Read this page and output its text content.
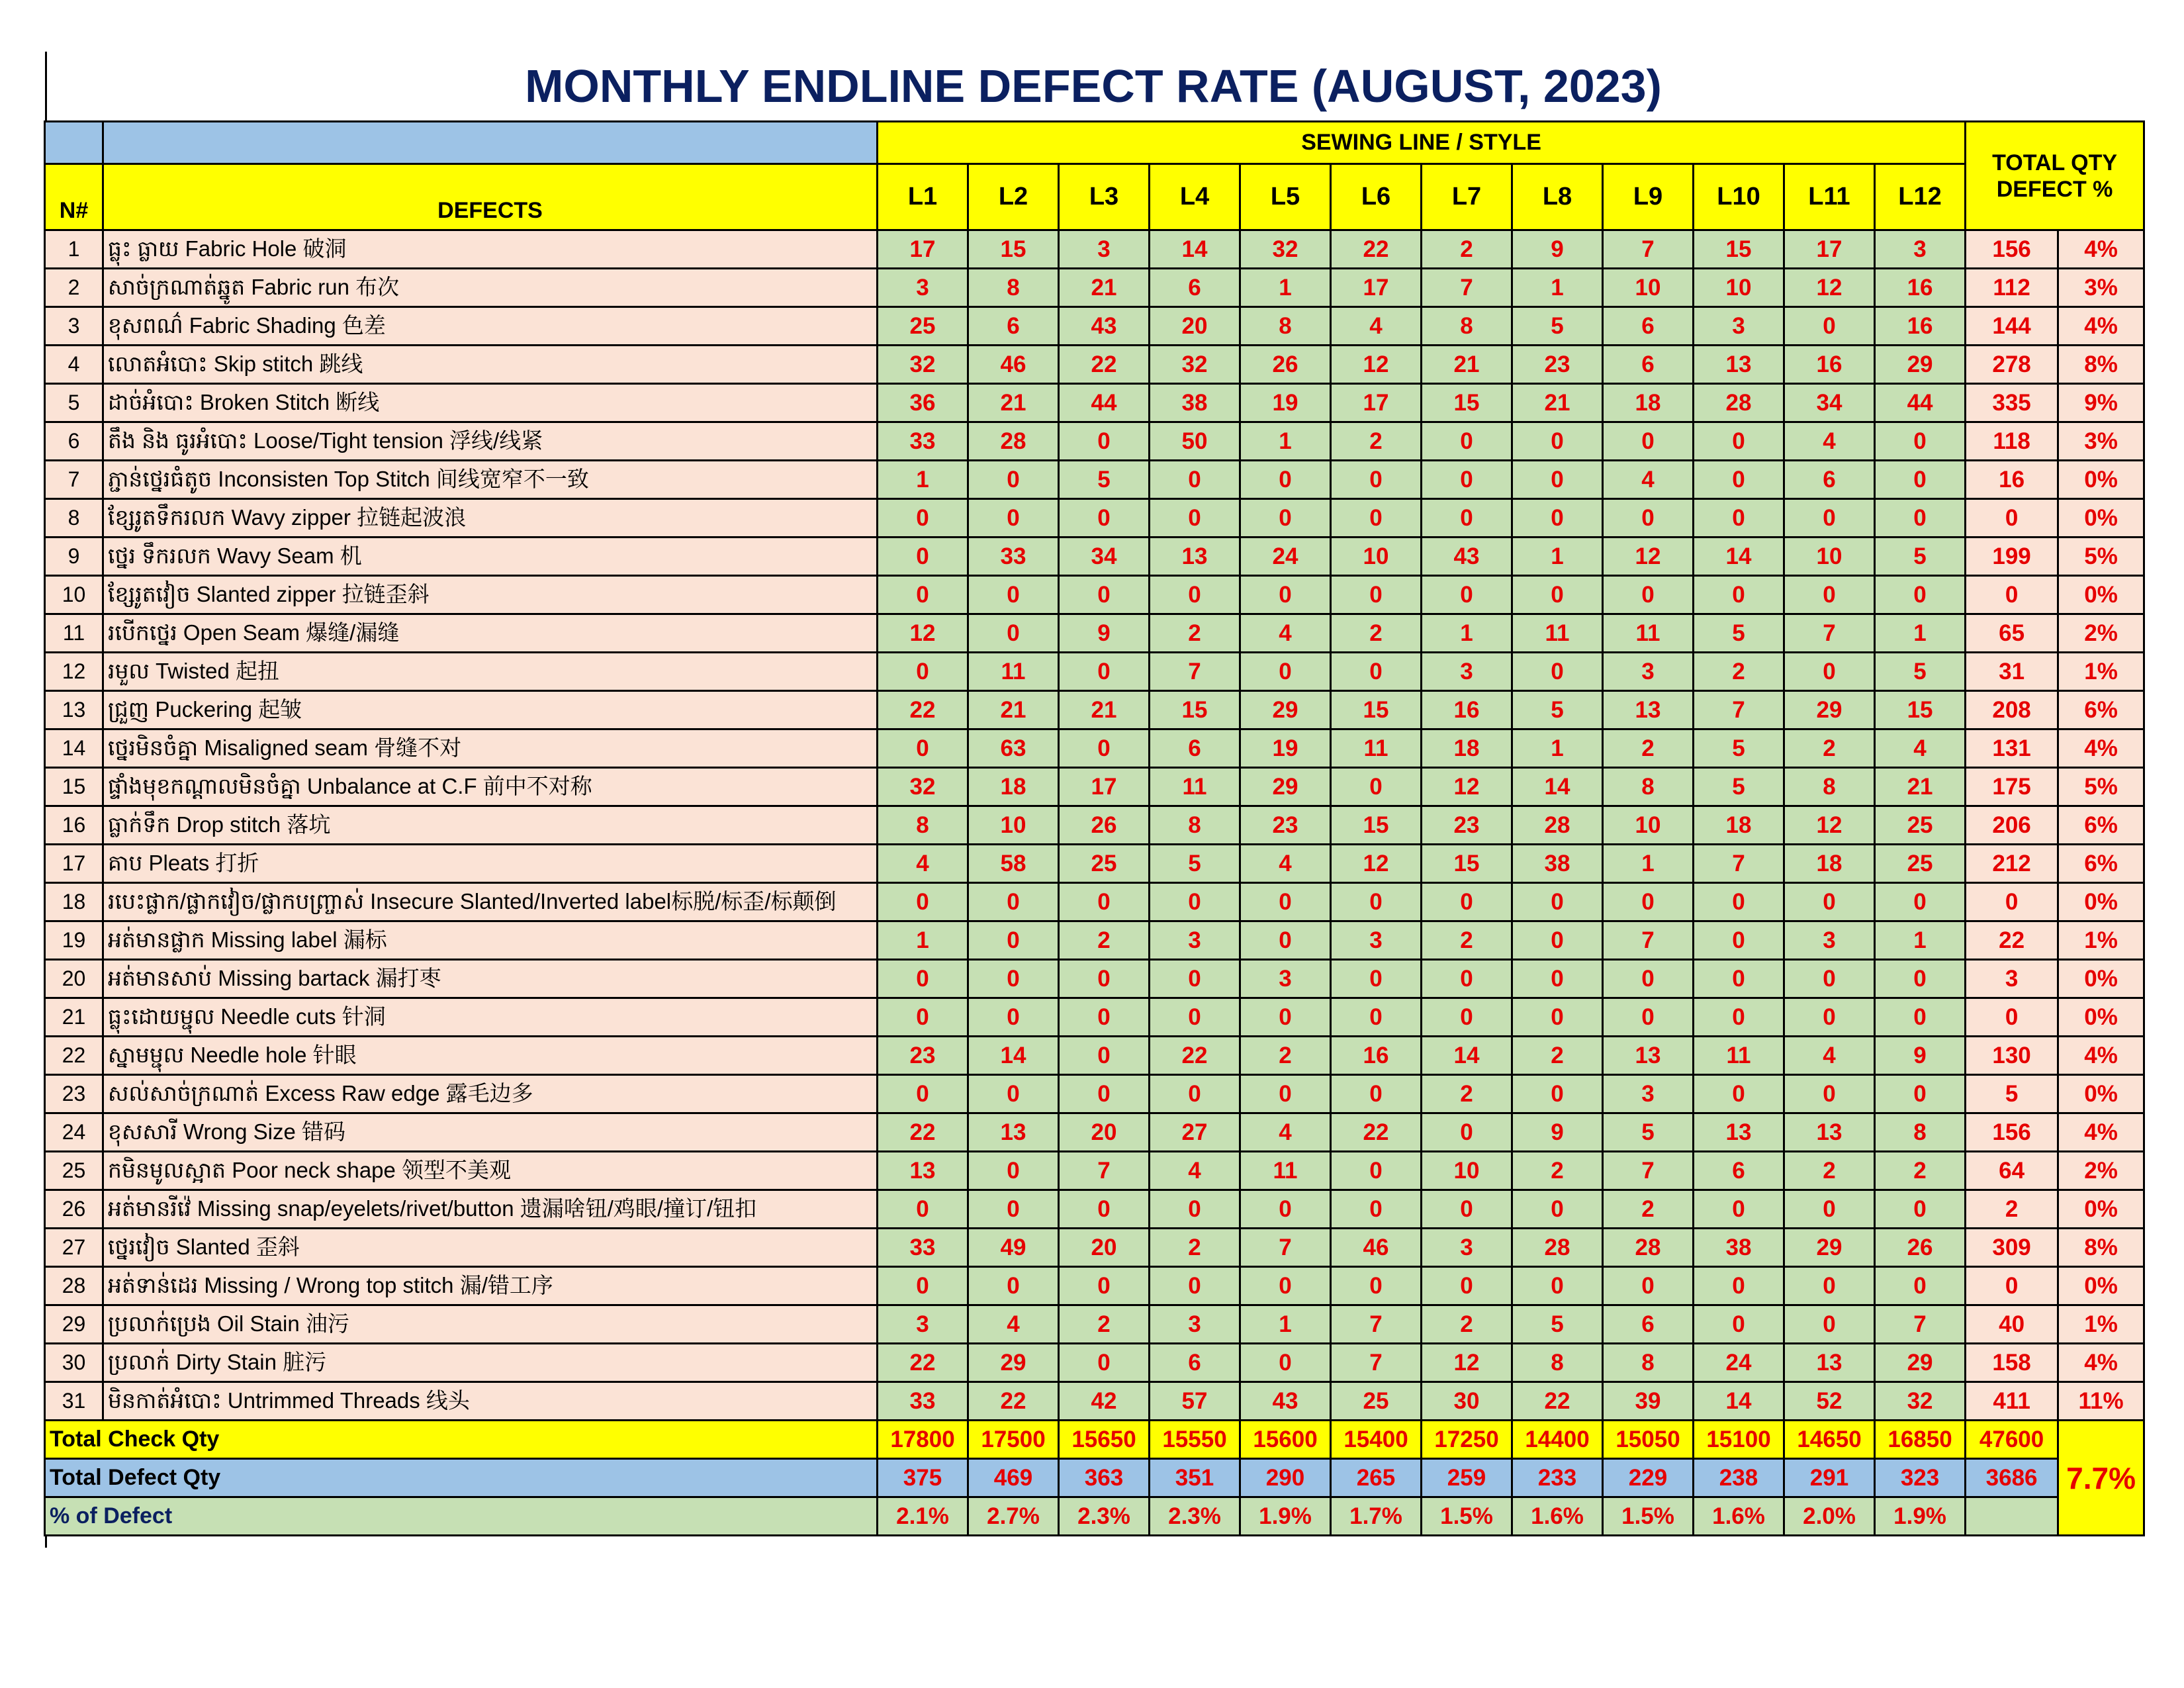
MONTHLY ENDLINE DEFECT RATE (AUGUST, 2023)
		SEWING LINE / STYLE												TOTAL QTY DEFECT %	
N#	DEFECTS	L1	L2	L3	L4	L5	L6	L7	L8	L9	L10	L11	L12		
1	ធ្លុះ ធ្លាយ Fabric Hole 破洞	17	15	3	14	32	22	2	9	7	15	17	3	156	4%
2	សាច់ក្រណាត់ឆ្នូត Fabric run 布次	3	8	21	6	1	17	7	1	10	10	12	16	112	3%
3	ខុសពណ៌ Fabric Shading 色差	25	6	43	20	8	4	8	5	6	3	0	16	144	4%
4	លោតអំបោះ Skip stitch 跳线	32	46	22	32	26	12	21	23	6	13	16	29	278	8%
5	ដាច់អំបោះ Broken Stitch 断线	36	21	44	38	19	17	15	21	18	28	34	44	335	9%
6	តឹង និង ធូរអំបោះ Loose/Tight tension 浮线/线紧	33	28	0	50	1	2	0	0	0	0	4	0	118	3%
7	ភ្ជាន់ថ្នេរធំតូច Inconsisten Top Stitch 间线宽窄不一致	1	0	5	0	0	0	0	0	4	0	6	0	16	0%
8	ខ្សែរូតទឹករលក Wavy zipper 拉链起波浪	0	0	0	0	0	0	0	0	0	0	0	0	0	0%
9	ថ្នេរ ទឹករលក Wavy Seam 机	0	33	34	13	24	10	43	1	12	14	10	5	199	5%
10	ខ្សែរូតវៀច Slanted zipper 拉链歪斜	0	0	0	0	0	0	0	0	0	0	0	0	0	0%
11	របើកថ្នេរ Open Seam 爆缝/漏缝	12	0	9	2	4	2	1	11	11	5	7	1	65	2%
12	រមួល Twisted 起扭	0	11	0	7	0	0	3	0	3	2	0	5	31	1%
13	ជ្រួញ Puckering 起皱	22	21	21	15	29	15	16	5	13	7	29	15	208	6%
14	ថ្នេរមិនចំគ្នា Misaligned seam 骨缝不对	0	63	0	6	19	11	18	1	2	5	2	4	131	4%
15	ផ្ទាំងមុខកណ្តាលមិនចំគ្នា Unbalance at C.F 前中不对称	32	18	17	11	29	0	12	14	8	5	8	21	175	5%
16	ធ្លាក់ទឹក Drop stitch 落坑	8	10	26	8	23	15	23	28	10	18	12	25	206	6%
17	គាប Pleats 打折	4	58	25	5	4	12	15	38	1	7	18	25	212	6%
18	របេះផ្លាក/ផ្លាកវៀច/ផ្លាកបញ្ច្រាស់ Insecure Slanted/Inverted label标脱/标歪/标颠倒	0	0	0	0	0	0	0	0	0	0	0	0	0	0%
19	អត់មានផ្លាក Missing label 漏标	1	0	2	3	0	3	2	0	7	0	3	1	22	1%
20	អត់មានសាប់ Missing bartack 漏打枣	0	0	0	0	3	0	0	0	0	0	0	0	3	0%
21	ធ្លុះដោយម្ជុល Needle cuts 针洞	0	0	0	0	0	0	0	0	0	0	0	0	0	0%
22	ស្នាមម្ជុល Needle hole 针眼	23	14	0	22	2	16	14	2	13	11	4	9	130	4%
23	សល់សាច់ក្រណាត់ Excess Raw edge 露毛边多	0	0	0	0	0	0	2	0	3	0	0	0	5	0%
24	ខុសសារី Wrong Size 错码	22	13	20	27	4	22	0	9	5	13	13	8	156	4%
25	កមិនមូលស្អាត Poor neck shape 领型不美观	13	0	7	4	11	0	10	2	7	6	2	2	64	2%
26	អត់មានរីវ៉េ Missing snap/eyelets/rivet/button 遗漏啥钮/鸡眼/撞订/钮扣	0	0	0	0	0	0	0	0	2	0	0	0	2	0%
27	ថ្នេរវៀច Slanted 歪斜	33	49	20	2	7	46	3	28	28	38	29	26	309	8%
28	អត់ទាន់ដេរ Missing / Wrong top stitch 漏/错工序	0	0	0	0	0	0	0	0	0	0	0	0	0	0%
29	ប្រលាក់ប្រេង Oil Stain 油污	3	4	2	3	1	7	2	5	6	0	0	7	40	1%
30	ប្រលាក់ Dirty Stain 脏污	22	29	0	6	0	7	12	8	8	24	13	29	158	4%
31	មិនកាត់អំបោះ Untrimmed Threads 线头	33	22	42	57	43	25	30	22	39	14	52	32	411	11%
Total Check Qty		17800	17500	15650	15550	15600	15400	17250	14400	15050	15100	14650	16850	47600	7.7%
Total Defect Qty		375	469	363	351	290	265	259	233	229	238	291	323	3686	
% of Defect		2.1%	2.7%	2.3%	2.3%	1.9%	1.7%	1.5%	1.6%	1.5%	1.6%	2.0%	1.9%		
